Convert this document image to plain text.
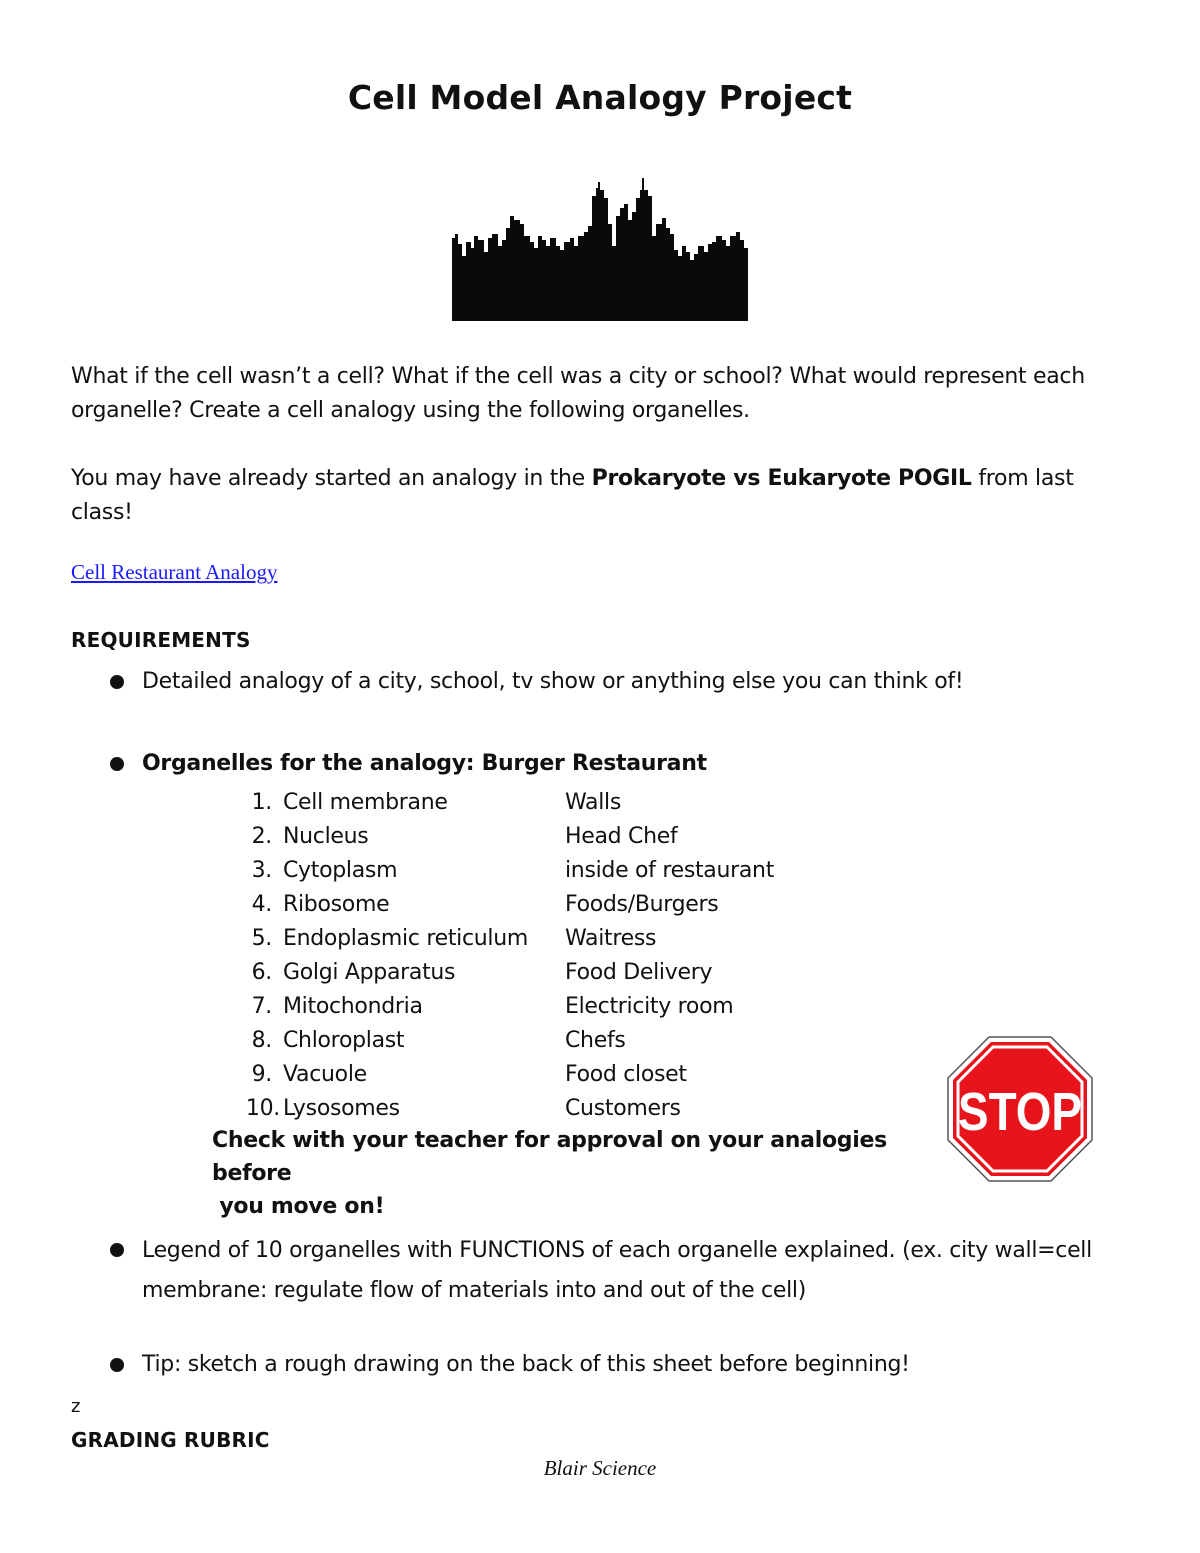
Cell Model Analogy Project
What if the cell wasn’t a cell? What if the cell was a city or school? What would represent each organelle? Create a cell analogy using the following organelles.
You may have already started an analogy in the Prokaryote vs Eukaryote POGIL from last class!
Cell Restaurant Analogy
REQUIREMENTS
Detailed analogy of a city, school, tv show or anything else you can think of!
Organelles for the analogy: Burger Restaurant
1. Cell membrane	Walls
2. Nucleus	Head Chef
3. Cytoplasm	inside of restaurant
4. Ribosome	Foods/Burgers
5. Endoplasmic reticulum Waitress
6. Golgi Apparatus	Food Delivery
7. Mitochondria	Electricity room
8. Chloroplast	Chefs
9. Vacuole	Food closet
10. Lysosomes	Customers
Check with your teacher for approval on your analogies before
you move on!
STOP
Legend of 10 organelles with FUNCTIONS of each organelle explained. (ex. city wall=cell membrane: regulate flow of materials into and out of the cell)
Tip: sketch a rough drawing on the back of this sheet before beginning!
z
GRADING RUBRIC
Blair Science
